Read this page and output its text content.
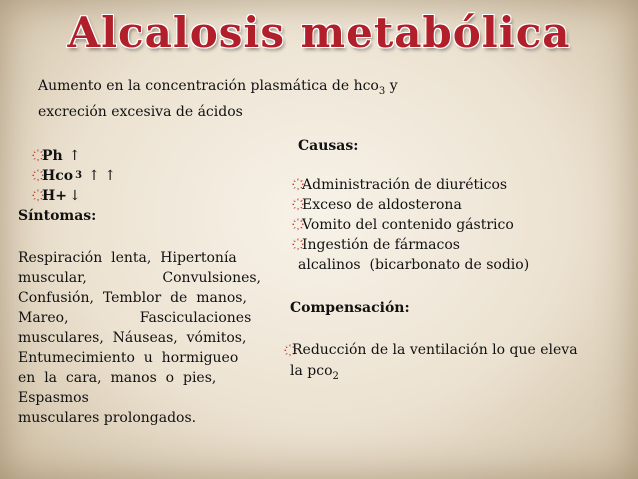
Alcalosis metabólica
Aumento en la concentración plasmática de hco$_3$ y
excreción excesiva de ácidos
Ph ↑
Hco 3 ↑ ↑
H+ ↓
Síntomas:
Respiración  lenta,  Hipertonía
muscular,                 Convulsiones,
Confusión,  Temblor  de  manos,
Mareo,                Fasciculaciones
musculares,  Náuseas,  vómitos,
Entumecimiento  u  hormigueo
en  la  cara,  manos  o  pies,
Espasmos
musculares prolongados.
Causas:
Administración de diuréticos
Exceso de aldosterona
Vomito del contenido gástrico
Ingestión de fármacos
alcalinos  (bicarbonato de sodio)
Compensación:
Reducción de la ventilación lo que eleva
la pco$_2$
